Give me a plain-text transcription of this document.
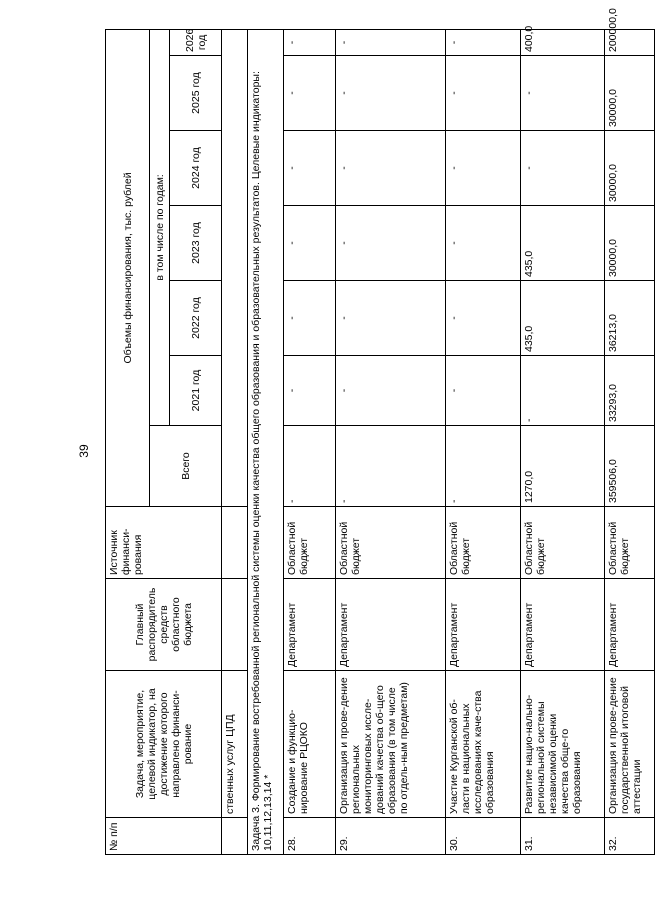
39
№ п/п	Задача, мероприятие, целевой индикатор, на достижение которого направлено финанси-рование	Главный распорядитель средств областного бюджета	Источник финанси-рования	Объемы финансирования, тыс. рублей						
				Всего	в том числе по годам:					
					2021 год	2022 год	2023 год	2024 год	2025 год	2026 год
	ственных услуг ЦПД									
Задача 3. Формирование востребованной региональной системы оценки качества общего образования и образовательных результатов. Целевые индикаторы: 10,11,12,13,14 *										
28.	Создание и функцио-нирование РЦОКО	Департамент	Областной бюджет	-	-	-	-	-	-	-
29.	Организация и прове-дение региональных мониторинговых иссле-дований качества об-щего образования (в том числе по отдель-ным предметам)	Департамент	Областной бюджет	-	-	-	-	-	-	-
30.	Участие Курганской об-ласти в национальных исследованиях каче-ства образования	Департамент	Областной бюджет	-	-	-	-	-	-	-
31.	Развитие нацио-нально-региональной системы независимой оценки качества обще-го образования	Департамент	Областной бюджет	1270,0	-	435,0	435,0	-	-	400,0
32.	Организация и прове-дение государственной итоговой аттестации	Департамент	Областной бюджет	359506,0	33293,0	36213,0	30000,0	30000,0	30000,0	200000,0
